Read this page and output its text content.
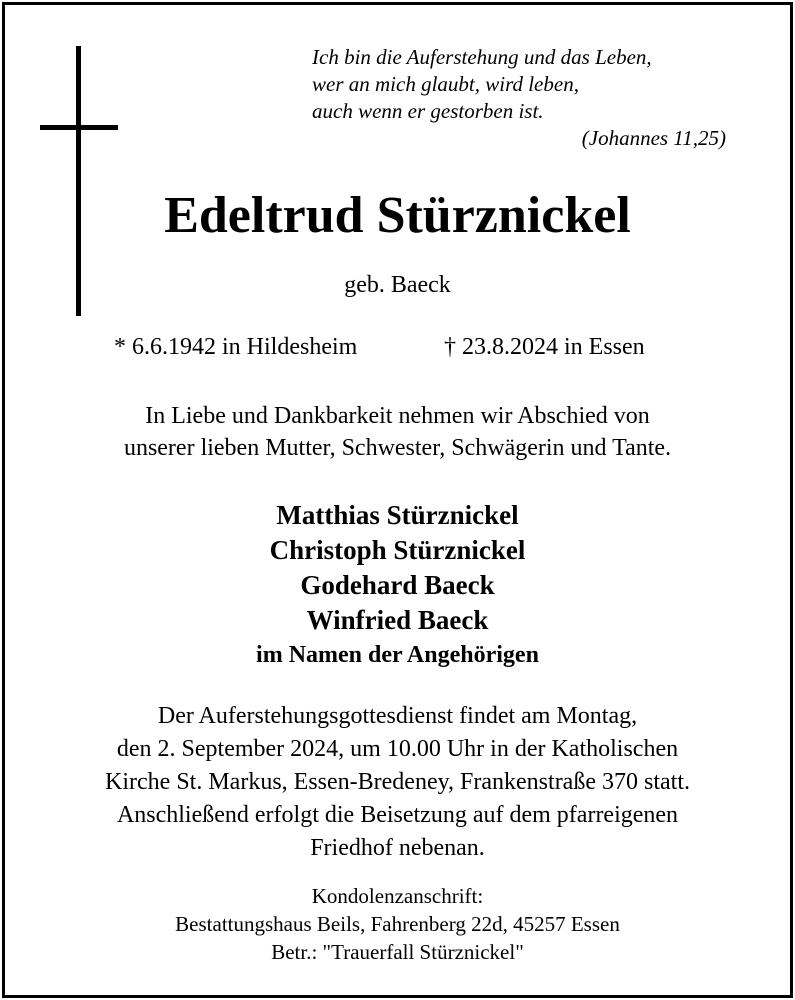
Ich bin die Auferstehung und das Leben,
wer an mich glaubt, wird leben,
auch wenn er gestorben ist.
(Johannes 11,25)
Edeltrud Stürznickel
geb. Baeck
* 6.6.1942 in Hildesheim	† 23.8.2024 in Essen
In Liebe und Dankbarkeit nehmen wir Abschied von
unserer lieben Mutter, Schwester, Schwägerin und Tante.
Matthias Stürznickel
Christoph Stürznickel
Godehard Baeck
Winfried Baeck
im Namen der Angehörigen
Der Auferstehungsgottesdienst findet am Montag,
den 2. September 2024, um 10.00 Uhr in der Katholischen
Kirche St. Markus, Essen-Bredeney, Frankenstraße 370 statt.
Anschließend erfolgt die Beisetzung auf dem pfarreigenen
Friedhof nebenan.
Kondolenzanschrift:
Bestattungshaus Beils, Fahrenberg 22d, 45257 Essen
Betr.: "Trauerfall Stürznickel"
